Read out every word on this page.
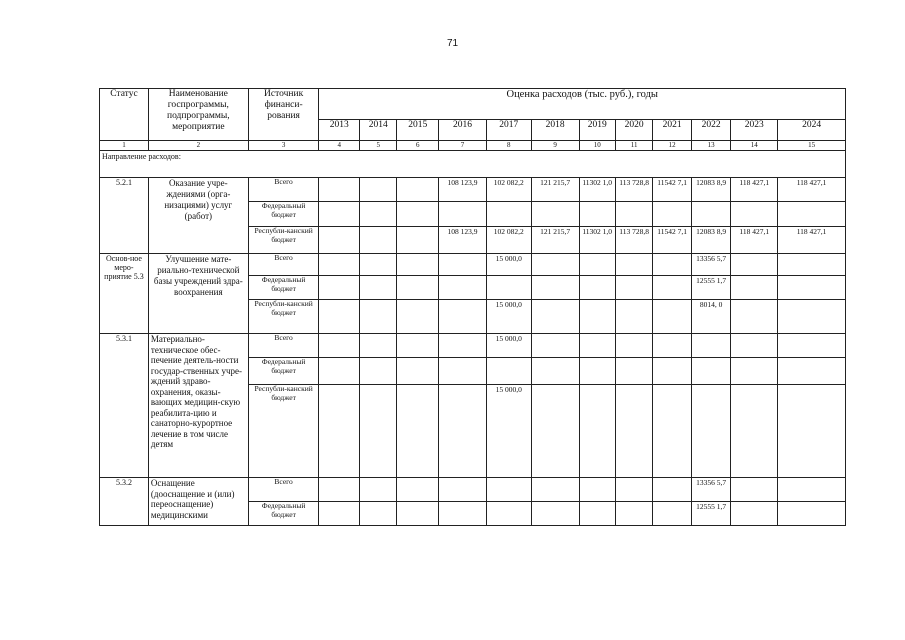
71
Статус	Наименование госпрограммы, подпрограммы, мероприятие	Источник финанси-рования	Оценка расходов (тыс. руб.), годы											
			2013	2014	2015	2016	2017	2018	2019	2020	2021	2022	2023	2024
1	2	3	4	5	6	7	8	9	10	11	12	13	14	15
Направление расходов:														
5.2.1	Оказание учре-ждениями (орга-низациями) услуг (работ)	Всего				108 123,9	102 082,2	121 215,7	11302 1,0	113 728,8	11542 7,1	12083 8,9	118 427,1	118 427,1
		Федеральный бюджет												
		Республи-канский бюджет				108 123,9	102 082,2	121 215,7	11302 1,0	113 728,8	11542 7,1	12083 8,9	118 427,1	118 427,1
Основ-ное меро-приятие 5.3	Улучшение мате-риально-технической базы учреждений здра-воохранения	Всего					15 000,0					13356 5,7		
		Федеральный бюджет										12555 1,7		
		Республи-канский бюджет					15 000,0					8014, 0		
5.3.1	Материально-техническое обес-печение деятель-ности государ-ственных учре-ждений здраво-охранения, оказы-вающих медицин-скую реабилита-цию и санаторно-курортное лечение в том числе детям	Всего					15 000,0							
		Федеральный бюджет												
		Республи-канский бюджет					15 000,0							
5.3.2	Оснащение (дооснащение и (или) переоснащение) медицинскими	Всего										13356 5,7		
		Федеральный бюджет										12555 1,7		
